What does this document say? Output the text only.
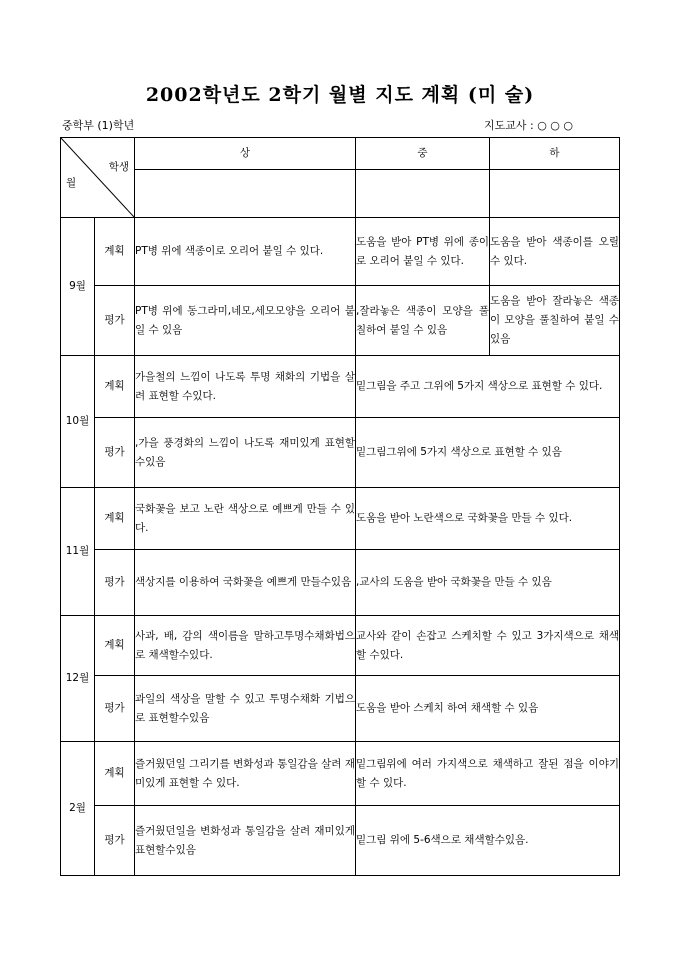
2002학년도 2학기 월별 지도 계획 (미 술)
중학부 (1)학년	지도교사 : ○ ○ ○
학생
월		상	중	하

9월	계획	PT병 위에 색종이로 오리어 붙일 수 있다.	도움을 받아 PT병 위에 종이로 오리어 붙일 수 있다.	도움을 받아 색종이를 오릴 수 있다.
	평가	PT병 위에 동그라미,네모,세모모양을 오리어 붙일 수 있음	,잘라놓은 색종이 모양을 풀칠하여 붙일 수 있음	도움을 받아 잘라놓은 색종이 모양을 풀칠하여 붙일 수 있음
10월	계획	가을철의 느낌이 나도록 투명 채화의 기법을 살려 표현할 수있다.	밑그림을 주고 그위에 5가지 색상으로 표현할 수 있다.	
	평가	,가을 풍경화의 느낌이 나도록 재미있게 표현할수있음	밑그림그위에 5가지 색상으로 표현할 수 있음	
11월	계획	국화꽃을 보고 노란 색상으로 예쁘게 만들 수 있다.	도움을 받아 노란색으로 국화꽃을 만들 수 있다.	
	평가	색상지를 이용하여 국화꽃을 예쁘게 만들수있음	,교사의 도움을 받아 국화꽃을 만들 수 있음	
12월	계획	사과, 배, 감의 색이름을 말하고투명수채화법으로 채색할수있다.	교사와 같이 손잡고 스케치할 수 있고 3가지색으로 채색할 수있다.	
	평가	과일의 색상을 말할 수 있고 투명수채화 기법으로 표현할수있음	도움을 받아 스케치 하여 채색할 수 있음	
2월	계획	즐거웠던일 그리기를 변화성과 통일감을 살려 재미있게 표현할 수 있다.	밑그림위에 여러 가지색으로 채색하고 잘된 점을 이야기할 수 있다.	
	평가	즐거웠던일을 변화성과 통일감을 살려 재미있게 표현할수있음	밑그림 위에 5-6색으로 채색할수있음.	
